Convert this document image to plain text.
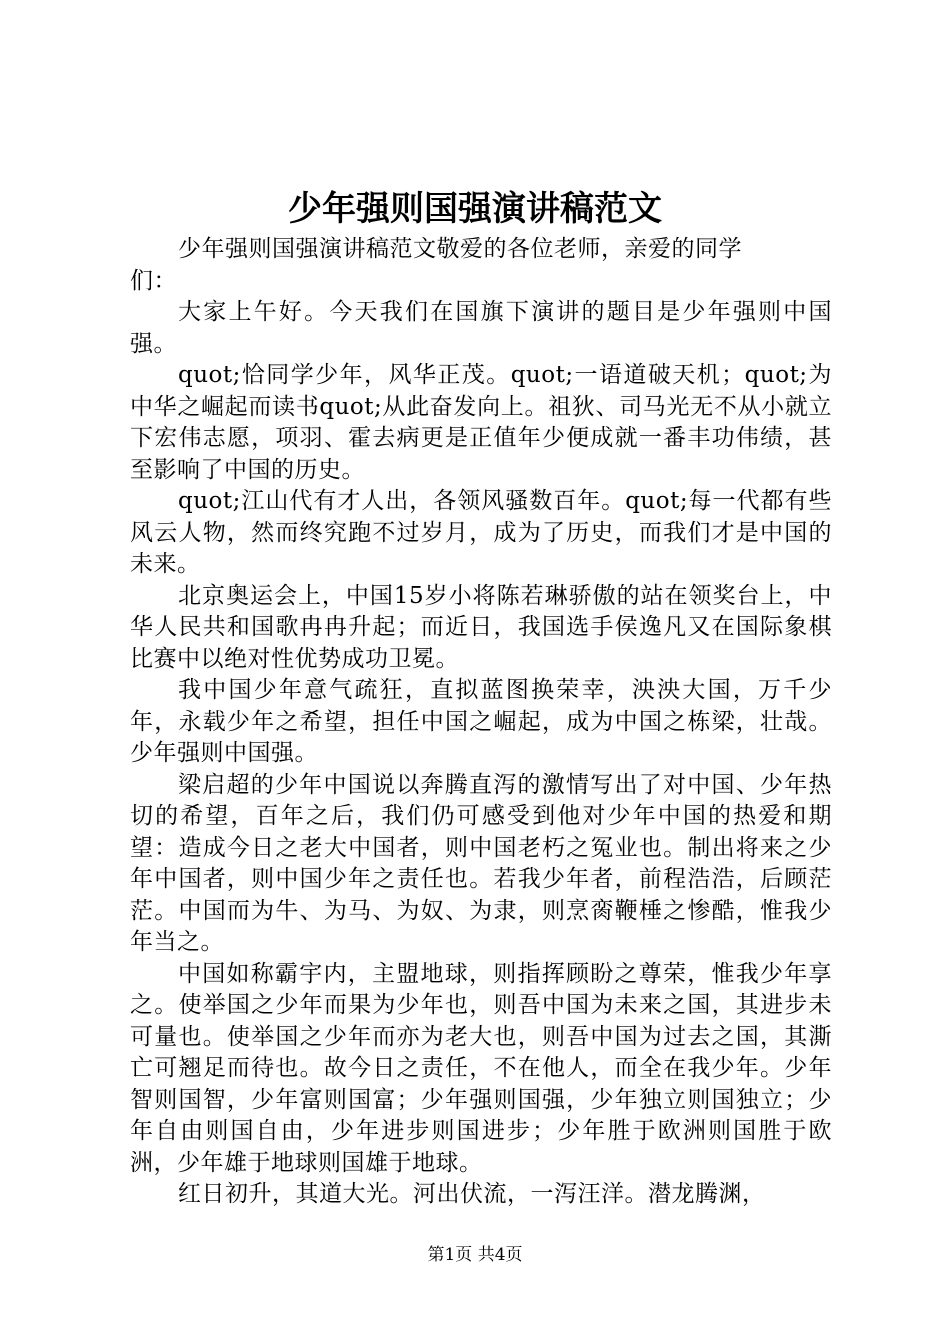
少年强则国强演讲稿范文

少年强则国强演讲稿范文敬爱的各位老师，亲爱的同学们：

大家上午好。今天我们在国旗下演讲的题目是少年强则中国强。

quot;恰同学少年，风华正茂。quot;一语道破天机；quot;为中华之崛起而读书quot;从此奋发向上。祖狄、司马光无不从小就立下宏伟志愿，项羽、霍去病更是正值年少便成就一番丰功伟绩，甚至影响了中国的历史。

quot;江山代有才人出，各领风骚数百年。quot;每一代都有些风云人物，然而终究跑不过岁月，成为了历史，而我们才是中国的未来。

北京奥运会上，中国15岁小将陈若琳骄傲的站在领奖台上，中华人民共和国歌冉冉升起；而近日，我国选手侯逸凡又在国际象棋比赛中以绝对性优势成功卫冕。

我中国少年意气疏狂，直拟蓝图换荣幸，泱泱大国，万千少年，永载少年之希望，担任中国之崛起，成为中国之栋梁，壮哉。少年强则中国强。

梁启超的少年中国说以奔腾直泻的激情写出了对中国、少年热切的希望，百年之后，我们仍可感受到他对少年中国的热爱和期望：造成今日之老大中国者，则中国老朽之冤业也。制出将来之少年中国者，则中国少年之责任也。若我少年者，前程浩浩，后顾茫茫。中国而为牛、为马、为奴、为隶，则烹脔鞭棰之惨酷，惟我少年当之。

中国如称霸宇内，主盟地球，则指挥顾盼之尊荣，惟我少年享之。使举国之少年而果为少年也，则吾中国为未来之国，其进步未可量也。使举国之少年而亦为老大也，则吾中国为过去之国，其澌亡可翘足而待也。故今日之责任，不在他人，而全在我少年。少年智则国智，少年富则国富；少年强则国强，少年独立则国独立；少年自由则国自由，少年进步则国进步；少年胜于欧洲则国胜于欧洲，少年雄于地球则国雄于地球。

红日初升，其道大光。河出伏流，一泻汪洋。潜龙腾渊，

第1页 共4页
